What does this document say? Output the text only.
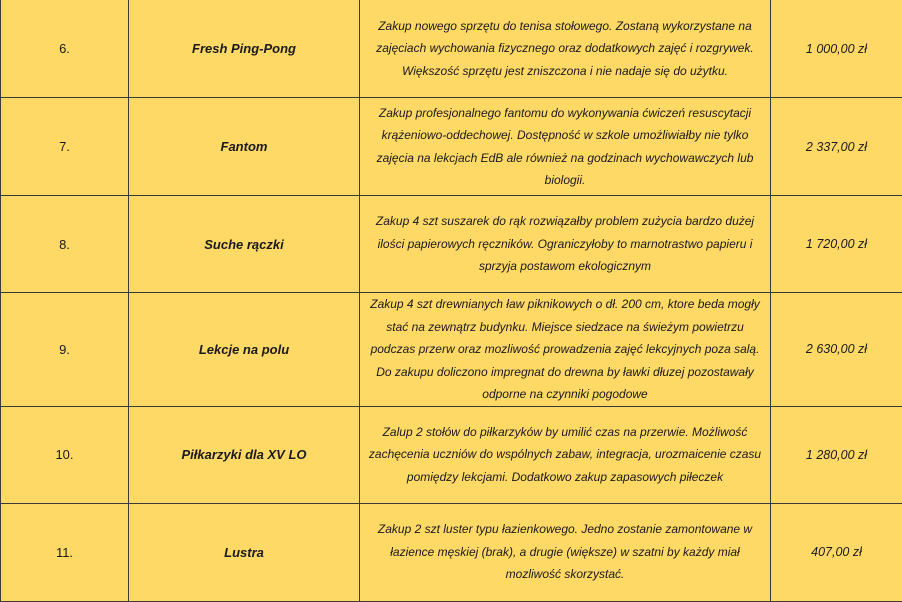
6.	Fresh Ping-Pong	Zakup nowego sprzętu do tenisa stołowego. Zostaną wykorzystane na zajęciach wychowania fizycznego oraz dodatkowych zajęć i rozgrywek. Większość sprzętu jest zniszczona i nie nadaje się do użytku.	1 000,00 zł
7.	Fantom	Zakup profesjonalnego fantomu do wykonywania ćwiczeń resuscytacji krążeniowo-oddechowej. Dostępność w szkole umożliwiałby nie tylko zajęcia na lekcjach EdB ale również na godzinach wychowawczych lub biologii.	2 337,00 zł
8.	Suche rączki	Zakup 4 szt suszarek do rąk rozwiązałby problem zużycia bardzo dużej ilości papierowych ręczników. Ograniczyłoby to marnotrastwo papieru i sprzyja postawom ekologicznym	1 720,00 zł
9.	Lekcje na polu	Zakup 4 szt drewnianych ław piknikowych o dł. 200 cm, ktore beda mogły stać na zewnątrz budynku. Miejsce siedzace na świeżym powietrzu podczas przerw oraz mozliwość prowadzenia zajęć lekcyjnych poza salą. Do zakupu doliczono impregnat do drewna by ławki dłuzej pozostawały odporne na czynniki pogodowe	2 630,00 zł
10.	Piłkarzyki dla XV LO	Zalup 2 stołów do piłkarzyków by umilić czas na przerwie. Możliwość zachęcenia uczniów do wspólnych zabaw, integracja, urozmaicenie czasu pomiędzy lekcjami. Dodatkowo zakup zapasowych piłeczek	1 280,00 zł
11.	Lustra	Zakup 2 szt luster typu łazienkowego. Jedno zostanie zamontowane w łazience męskiej (brak), a drugie (większe) w szatni by każdy miał mozliwość skorzystać.	407,00 zł
